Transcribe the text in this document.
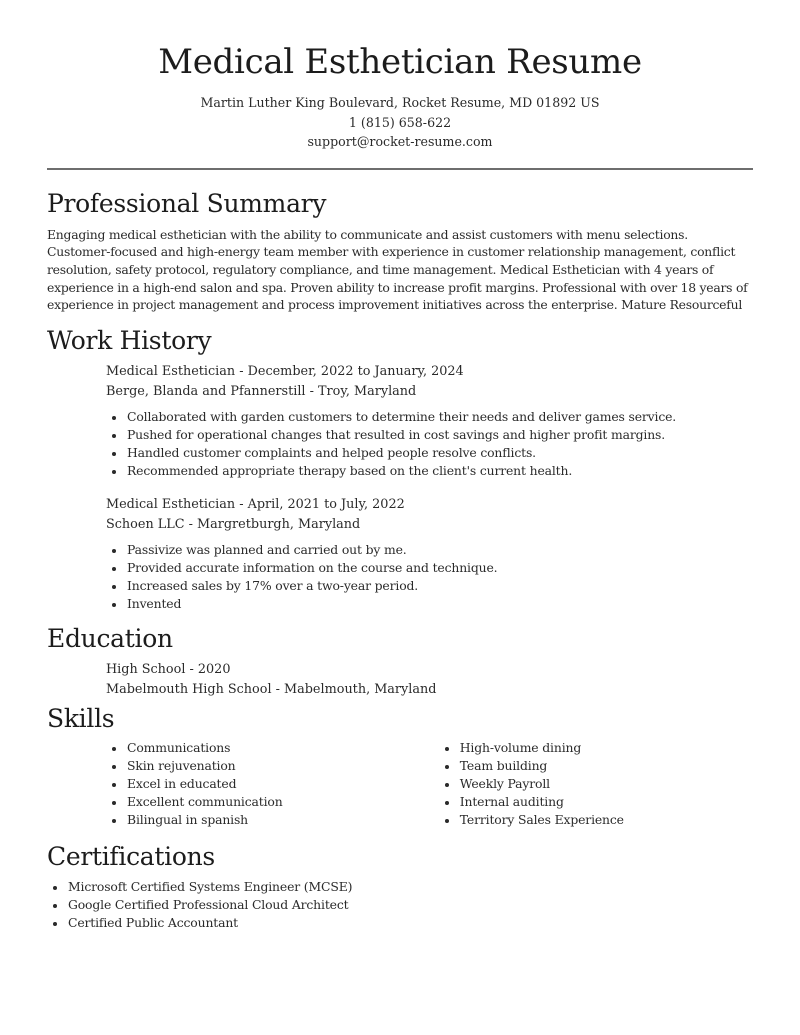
Medical Esthetician Resume
Martin Luther King Boulevard, Rocket Resume, MD 01892 US
1 (815) 658-622
support@rocket-resume.com
Professional Summary

Engaging medical esthetician with the ability to communicate and assist customers with menu selections. Customer-focused and high-energy team member with experience in customer relationship management, conflict resolution, safety protocol, regulatory compliance, and time management. Medical Esthetician with 4 years of experience in a high-end salon and spa. Proven ability to increase profit margins. Professional with over 18 years of experience in project management and process improvement initiatives across the enterprise. Mature Resourceful

Work History
Medical Esthetician - December, 2022 to January, 2024
Berge, Blanda and Pfannerstill - Troy, Maryland
Collaborated with garden customers to determine their needs and deliver games service.
Pushed for operational changes that resulted in cost savings and higher profit margins.
Handled customer complaints and helped people resolve conflicts.
Recommended appropriate therapy based on the client's current health.
Medical Esthetician - April, 2021 to July, 2022
Schoen LLC - Margretburgh, Maryland
Passivize was planned and carried out by me.
Provided accurate information on the course and technique.
Increased sales by 17% over a two-year period.
Invented
Education
High School - 2020
Mabelmouth High School - Mabelmouth, Maryland
Skills
Communications
Skin rejuvenation
Excel in educated
Excellent communication
Bilingual in spanish
High-volume dining
Team building
Weekly Payroll
Internal auditing
Territory Sales Experience
Certifications
Microsoft Certified Systems Engineer (MCSE)
Google Certified Professional Cloud Architect
Certified Public Accountant
